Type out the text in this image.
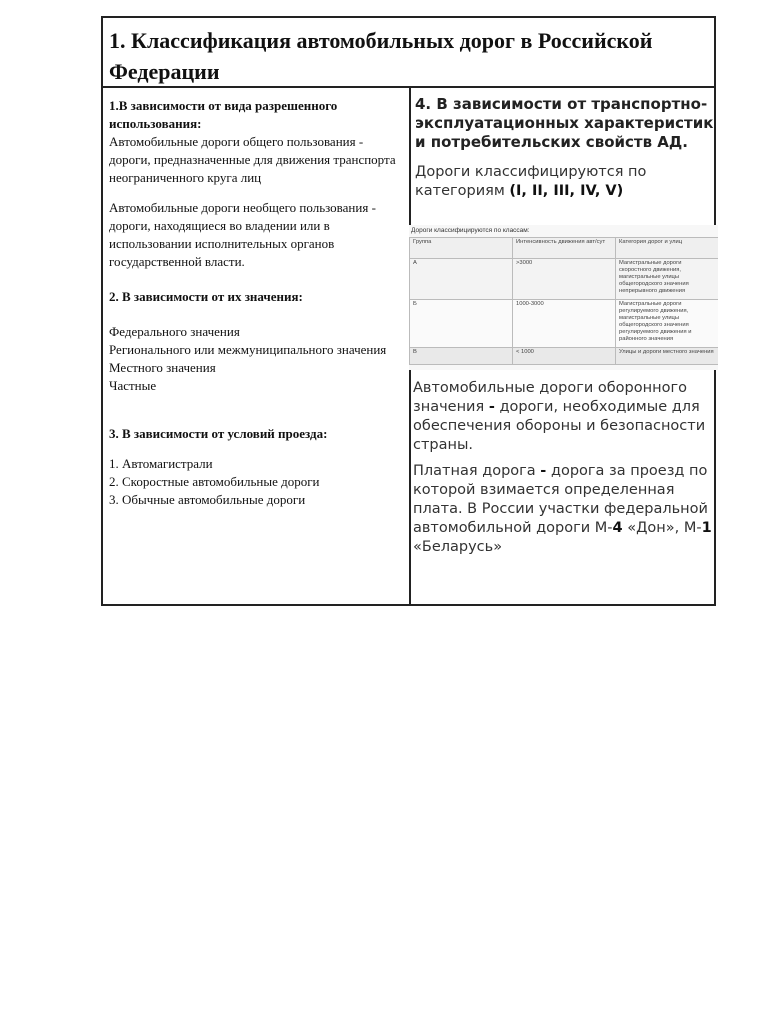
1. Классификация автомобильных дорог в Российской Федерации

1.В зависимости от вида разрешенного использования:

Автомобильные дороги общего пользования - дороги, предназначенные для движения транспорта неограниченного круга лиц

Автомобильные дороги необщего пользования - дороги, находящиеся во владении или в использовании исполнительных органов государственной власти.

2. В зависимости от их значения:

Федерального значения

Регионального или межмуниципального значения

Местного значения

Частные

3. В зависимости от условий проезда:

1. Автомагистрали

2. Скоростные автомобильные дороги

3. Обычные автомобильные дороги

4. В зависимости от транспортно-эксплуатационных характеристик и потребительских свойств АД.

Дороги классифицируются по категориям (I, II, III, IV, V)

Дороги классифицируются по классам:
Группа	Интенсивность движения авт/сут	Категория дорог и улиц
А	>3000	Магистральные дороги скоростного движения, магистральные улицы общегородского значения непрерывного движения
Б	1000-3000	Магистральные дороги регулируемого движения, магистральные улицы общегородского значения регулируемого движения и районного значения
В	< 1000	Улицы и дороги местного значения

Автомобильные дороги оборонного значения - дороги, необходимые для обеспечения обороны и безопасности страны.

Платная дорога - дорога за проезд по которой взимается определенная плата. В России участки федеральной автомобильной дороги М-4 «Дон», М-1 «Беларусь»
